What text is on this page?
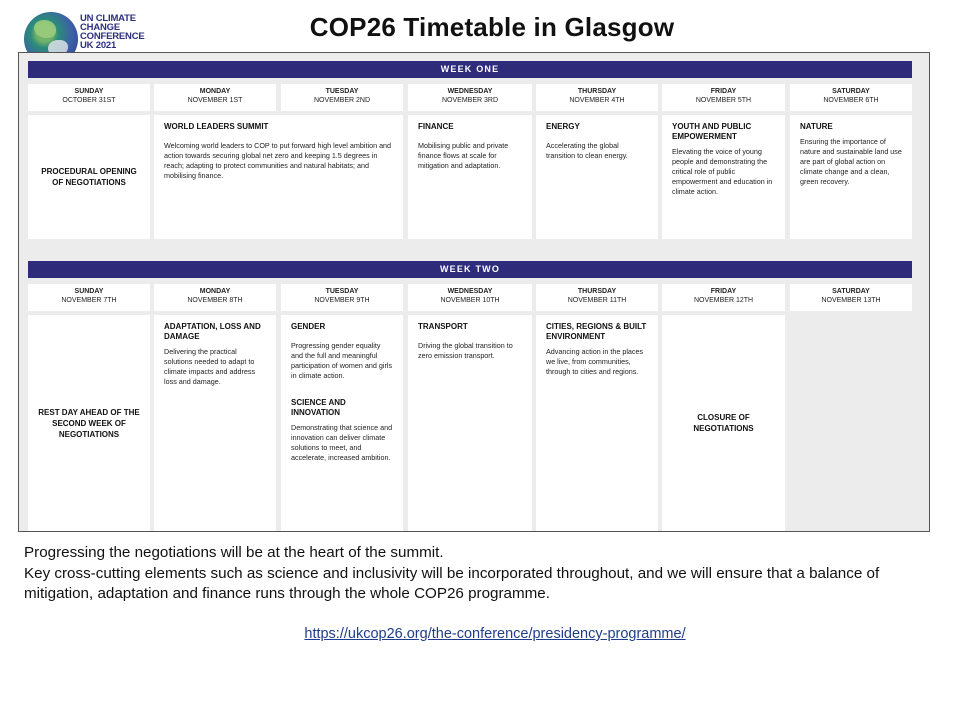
UN CLIMATE
CHANGE
CONFERENCE
UK 2021
COP26 Timetable in Glasgow
WEEK ONE
SUNDAY
OCTOBER 31ST
MONDAY
NOVEMBER 1ST
TUESDAY
NOVEMBER 2ND
WEDNESDAY
NOVEMBER 3RD
THURSDAY
NOVEMBER 4TH
FRIDAY
NOVEMBER 5TH
SATURDAY
NOVEMBER 6TH
PROCEDURAL OPENING OF NEGOTIATIONS
WORLD LEADERS SUMMIT
Welcoming world leaders to COP to put forward high level ambition and action towards securing global net zero and keeping 1.5 degrees in reach; adapting to protect communities and natural habitats; and mobilising finance.
FINANCE
Mobilising public and private finance flows at scale for mitigation and adaptation.
ENERGY
Accelerating the global transition to clean energy.
YOUTH AND PUBLIC EMPOWERMENT
Elevating the voice of young people and demonstrating the critical role of public empowerment and education in climate action.
NATURE
Ensuring the importance of nature and sustainable land use are part of global action on climate change and a clean, green recovery.
WEEK TWO
SUNDAY
NOVEMBER 7TH
MONDAY
NOVEMBER 8TH
TUESDAY
NOVEMBER 9TH
WEDNESDAY
NOVEMBER 10TH
THURSDAY
NOVEMBER 11TH
FRIDAY
NOVEMBER 12TH
SATURDAY
NOVEMBER 13TH
REST DAY AHEAD OF THE SECOND WEEK OF NEGOTIATIONS
ADAPTATION, LOSS AND DAMAGE
Delivering the practical solutions needed to adapt to climate impacts and address loss and damage.
GENDER
Progressing gender equality and the full and meaningful participation of women and girls in climate action.
SCIENCE AND INNOVATION
Demonstrating that science and innovation can deliver climate solutions to meet, and accelerate, increased ambition.
TRANSPORT
Driving the global transition to zero emission transport.
CITIES, REGIONS & BUILT ENVIRONMENT
Advancing action in the places we live, from communities, through to cities and regions.
CLOSURE OF NEGOTIATIONS
Progressing the negotiations will be at the heart of the summit.
Key cross-cutting elements such as science and inclusivity will be incorporated throughout, and we will ensure that a balance of mitigation, adaptation and finance runs through the whole COP26 programme.
https://ukcop26.org/the-conference/presidency-programme/
